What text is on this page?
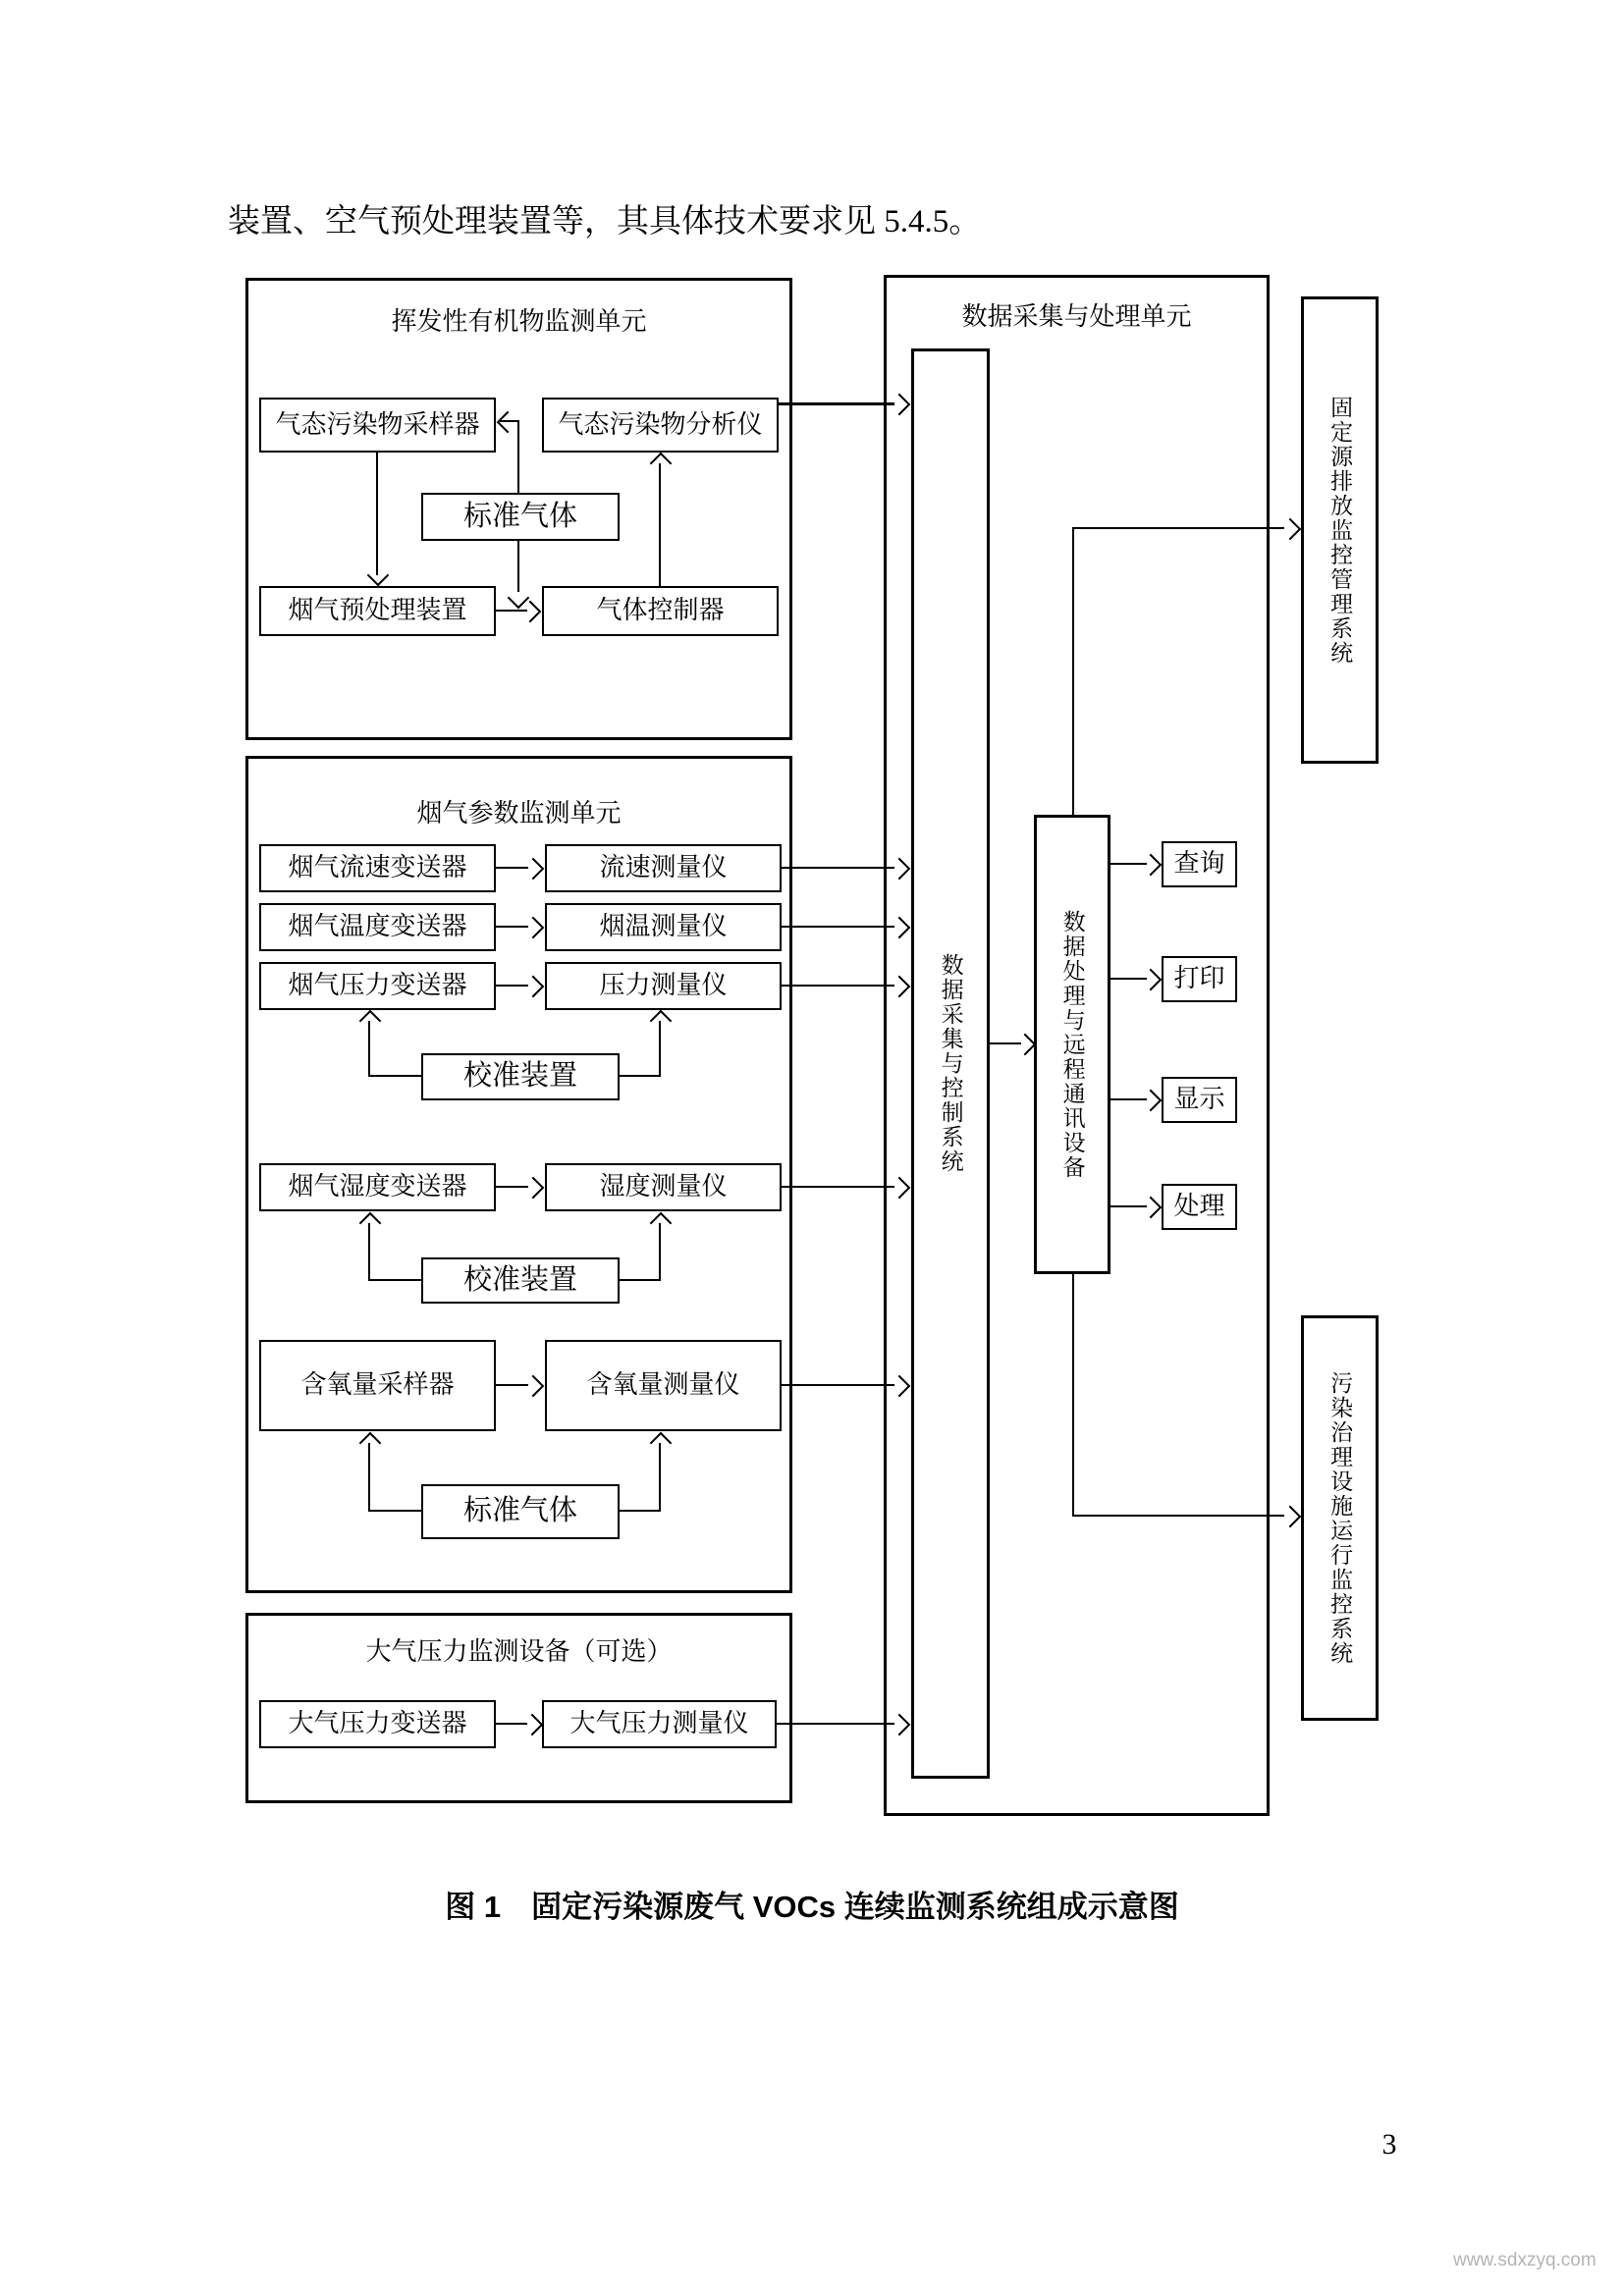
装置、空气预处理装置等，其具体技术要求见 5.4.5。
挥发性有机物监测单元
气态污染物采样器	气态污染物分析仪
标准气体
烟气预处理装置	气体控制器
烟气参数监测单元
烟气流速变送器	流速测量仪
烟气温度变送器	烟温测量仪
烟气压力变送器	压力测量仪
校准装置
烟气湿度变送器	湿度测量仪
校准装置
含氧量采样器	含氧量测量仪
标准气体
大气压力监测设备（可选）
大气压力变送器	大气压力测量仪
数据采集与处理单元
数据采集与控制系统	数据处理与远程通讯设备
查询
打印
显示
处理
固定源排放监控管理系统
污染治理设施运行监控系统
图 1　固定污染源废气 VOCs 连续监测系统组成示意图
3
www.sdxzyq.com
